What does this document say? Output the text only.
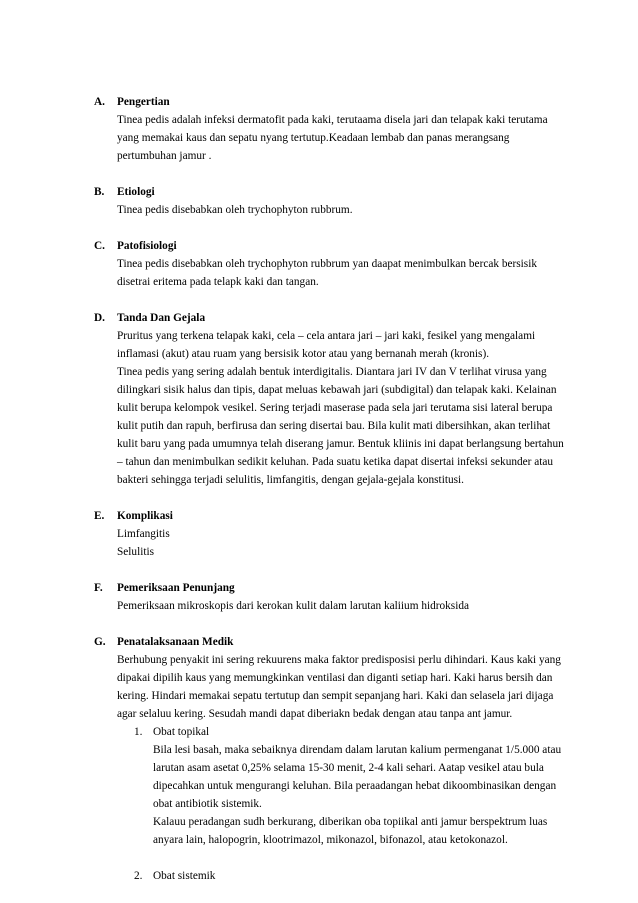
A. Pengertian

Tinea pedis adalah infeksi dermatofit pada kaki, terutaama disela jari dan telapak kaki terutama yang memakai kaus dan sepatu nyang tertutup.Keadaan lembab dan panas merangsang pertumbuhan jamur .

B. Etiologi

Tinea pedis disebabkan oleh trychophyton rubbrum.

C. Patofisiologi

Tinea pedis disebabkan oleh trychophyton rubbrum yan daapat menimbulkan bercak bersisik disetrai eritema pada telapk kaki dan tangan.

D. Tanda Dan Gejala

Pruritus yang terkena telapak kaki, cela – cela antara jari – jari kaki, fesikel yang mengalami inflamasi (akut) atau ruam yang bersisik kotor atau yang bernanah merah (kronis).

Tinea pedis yang sering adalah bentuk interdigitalis. Diantara jari IV dan V terlihat virusa yang dilingkari sisik halus dan tipis, dapat meluas kebawah jari (subdigital) dan telapak kaki. Kelainan kulit berupa kelompok vesikel. Sering terjadi maserase pada sela jari terutama sisi lateral berupa kulit putih dan rapuh, berfirusa dan sering disertai bau. Bila kulit mati dibersihkan, akan terlihat kulit baru yang pada umumnya telah diserang jamur. Bentuk kliinis ini dapat berlangsung bertahun – tahun dan menimbulkan sedikit keluhan. Pada suatu ketika dapat disertai infeksi sekunder atau bakteri sehingga terjadi selulitis, limfangitis, dengan gejala-gejala konstitusi.

E. Komplikasi

Limfangitis

Selulitis

F. Pemeriksaan Penunjang

Pemeriksaan mikroskopis dari kerokan kulit dalam larutan kaliium hidroksida

G. Penatalaksanaan Medik

Berhubung penyakit ini sering rekuurens maka faktor predisposisi perlu dihindari. Kaus kaki yang dipakai dipilih kaus yang memungkinkan ventilasi dan diganti setiap hari. Kaki harus bersih dan kering. Hindari memakai sepatu tertutup dan sempit sepanjang hari. Kaki dan selasela jari dijaga agar selaluu kering. Sesudah mandi dapat diberiakn bedak dengan atau tanpa ant jamur.

1. Obat topikal

Bila lesi basah, maka sebaiknya direndam dalam larutan kalium permenganat 1/5.000 atau larutan asam asetat 0,25% selama 15-30 menit, 2-4 kali sehari. Aatap vesikel atau bula dipecahkan untuk mengurangi keluhan. Bila peraadangan hebat dikoombinasikan dengan obat antibiotik sistemik.

Kalauu peradangan sudh berkurang, diberikan oba topiikal anti jamur berspektrum luas anyara lain, halopogrin, klootrimazol, mikonazol, bifonazol, atau ketokonazol.

2. Obat sistemik
